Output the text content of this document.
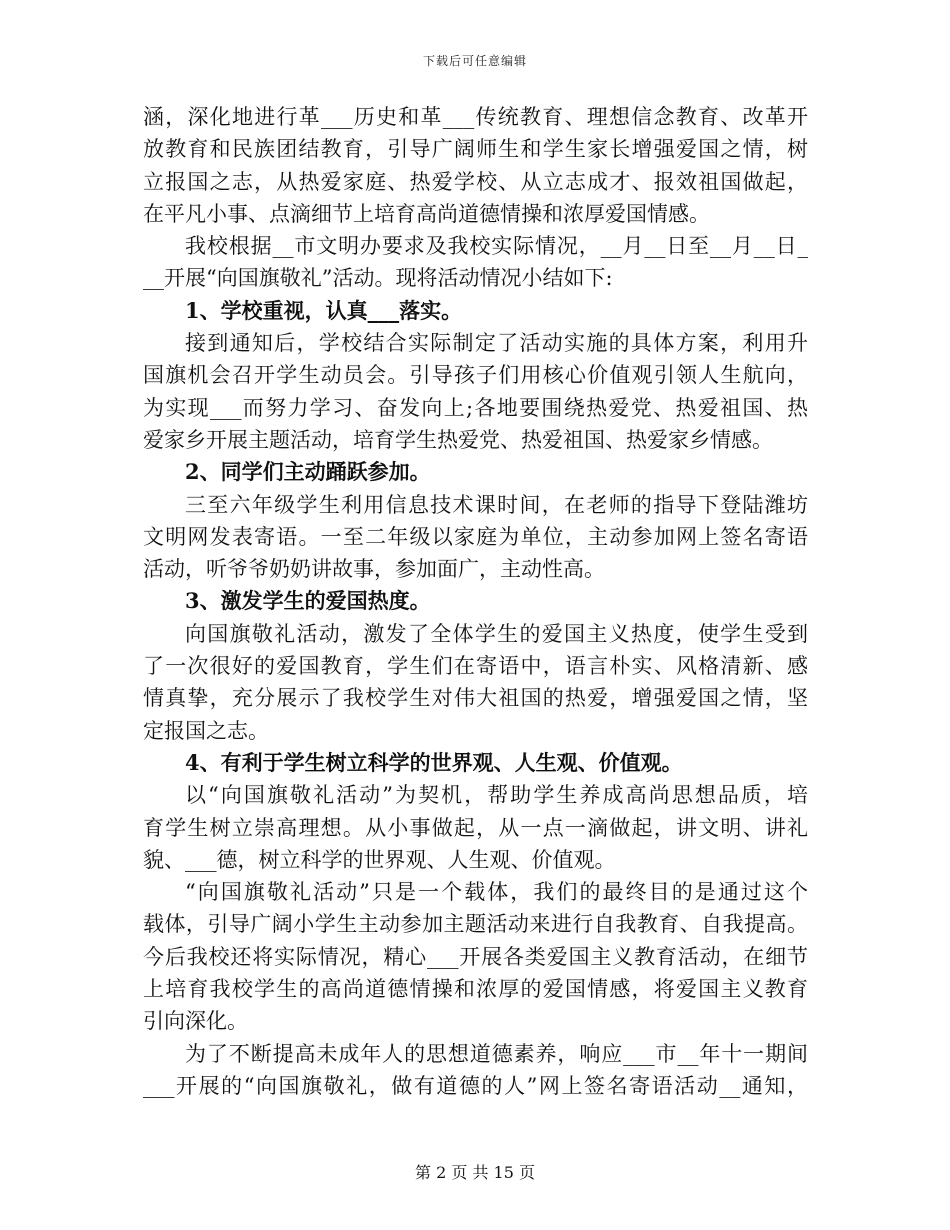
下载后可任意编辑
涵，深化地进行革___历史和革___传统教育、理想信念教育、改革开
放教育和民族团结教育，引导广阔师生和学生家长增强爱国之情，树
立报国之志，从热爱家庭、热爱学校、从立志成才、报效祖国做起，
在平凡小事、点滴细节上培育高尚道德情操和浓厚爱国情感。
我校根据__市文明办要求及我校实际情况，__月__日至__月__日_
__开展“向国旗敬礼”活动。现将活动情况小结如下:
1、学校重视，认真___落实。
接到通知后，学校结合实际制定了活动实施的具体方案，利用升
国旗机会召开学生动员会。引导孩子们用核心价值观引领人生航向，
为实现___而努力学习、奋发向上;各地要围绕热爱党、热爱祖国、热
爱家乡开展主题活动，培育学生热爱党、热爱祖国、热爱家乡情感。
2、同学们主动踊跃参加。
三至六年级学生利用信息技术课时间，在老师的指导下登陆潍坊
文明网发表寄语。一至二年级以家庭为单位，主动参加网上签名寄语
活动，听爷爷奶奶讲故事，参加面广，主动性高。
3、激发学生的爱国热度。
向国旗敬礼活动，激发了全体学生的爱国主义热度，使学生受到
了一次很好的爱国教育，学生们在寄语中，语言朴实、风格清新、感
情真挚，充分展示了我校学生对伟大祖国的热爱，增强爱国之情，坚
定报国之志。
4、有利于学生树立科学的世界观、人生观、价值观。
以“向国旗敬礼活动”为契机，帮助学生养成高尚思想品质，培
育学生树立崇高理想。从小事做起，从一点一滴做起，讲文明、讲礼
貌、___德，树立科学的世界观、人生观、价值观。
“向国旗敬礼活动”只是一个载体，我们的最终目的是通过这个
载体，引导广阔小学生主动参加主题活动来进行自我教育、自我提高。
今后我校还将实际情况，精心___开展各类爱国主义教育活动，在细节
上培育我校学生的高尚道德情操和浓厚的爱国情感，将爱国主义教育
引向深化。
为了不断提高未成年人的思想道德素养，响应___市__年十一期间
___开展的“向国旗敬礼，做有道德的人”网上签名寄语活动__通知，
第 2 页 共 15 页
